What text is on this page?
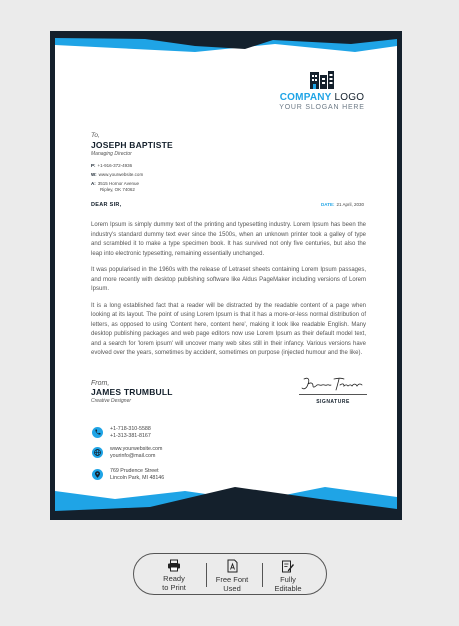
COMPANY LOGO
YOUR SLOGAN HERE
To,
JOSEPH BAPTISTE
Managing Director
P: +1-916-372-4936
W: www.yourwebsite.com
A: 3515 Hornor Avenue
Ripley, OK 74062
DEAR SIR,	DATE: 21 April, 2030

Lorem Ipsum is simply dummy text of the printing and typesetting industry. Lorem Ipsum has been the industry's standard dummy text ever since the 1500s, when an unknown printer took a galley of type and scrambled it to make a type specimen book. It has survived not only five centuries, but also the leap into electronic typesetting, remaining essentially unchanged.

It was popularised in the 1960s with the release of Letraset sheets containing Lorem Ipsum passages, and more recently with desktop publishing software like Aldus PageMaker including versions of Lorem Ipsum.

It is a long established fact that a reader will be distracted by the readable content of a page when looking at its layout. The point of using Lorem Ipsum is that it has a more-or-less normal distribution of letters, as opposed to using 'Content here, content here', making it look like readable English. Many desktop publishing packages and web page editors now use Lorem Ipsum as their default model text, and a search for 'lorem ipsum' will uncover many web sites still in their infancy. Various versions have evolved over the years, sometimes by accident, sometimes on purpose (injected humour and the like).

From,
JAMES TRUMBULL
Creative Designer	SIGNATURE
+1-718-310-5588
+1-313-381-8167
www.yourwebsite.com
yourinfo@mail.com
769 Prudence Street
Lincoln Park, MI 48146
Ready
to Print
Free Font
Used
Fully
Editable
